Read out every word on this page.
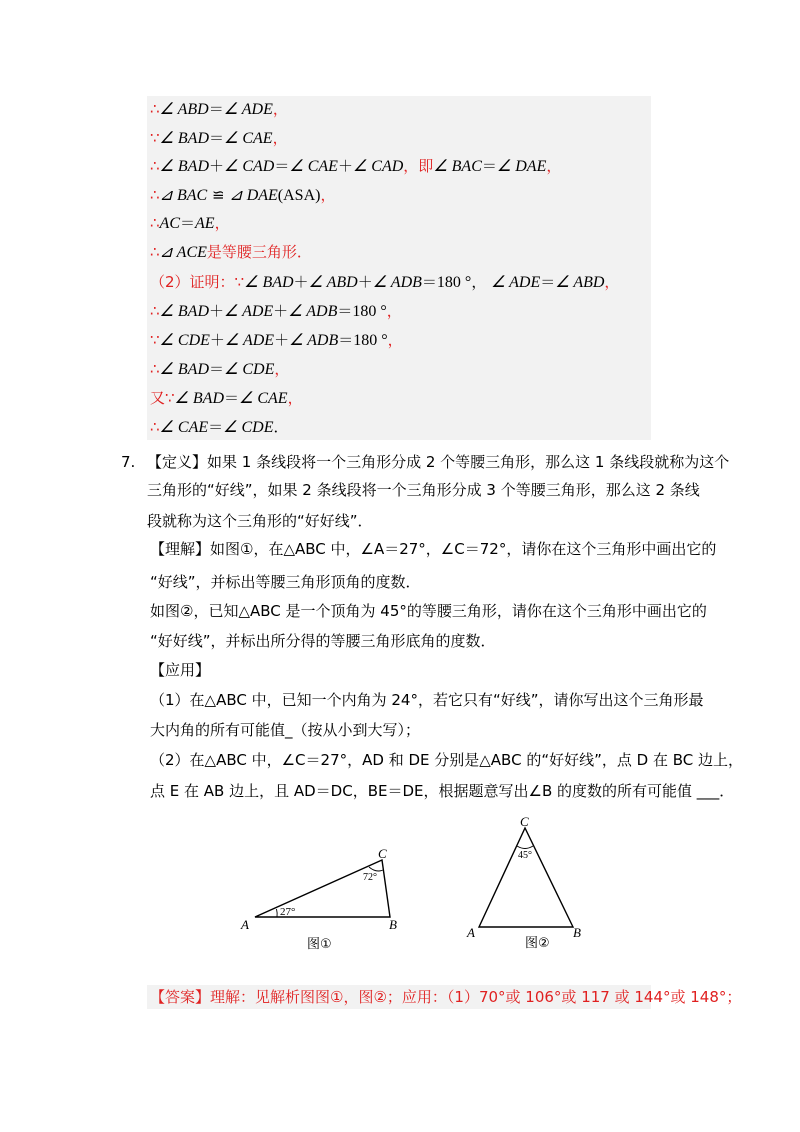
∴∠ ABD＝∠ ADE，
∵∠ BAD＝∠ CAE，
∴∠ BAD＋∠ CAD＝∠ CAE＋∠ CAD，即∠ BAC＝∠ DAE，
∴⊿ BAC ≌ ⊿ DAE(ASA)，
∴AC＝AE，
∴⊿ ACE是等腰三角形．
（2）证明：∵∠ BAD＋∠ ABD＋∠ ADB＝180 °， ∠ ADE＝∠ ABD，
∴∠ BAD＋∠ ADE＋∠ ADB＝180 °，
∵∠ CDE＋∠ ADE＋∠ ADB＝180 °，
∴∠ BAD＝∠ CDE，
又∵∠ BAD＝∠ CAE，
∴∠ CAE＝∠ CDE．
7. 【定义】如果 1 条线段将一个三角形分成 2 个等腰三角形，那么这 1 条线段就称为这个
三角形的“好线”，如果 2 条线段将一个三角形分成 3 个等腰三角形，那么这 2 条线
段就称为这个三角形的“好好线”．
【理解】如图①，在△ABC 中，∠A＝27°，∠C＝72°，请你在这个三角形中画出它的
“好线”，并标出等腰三角形顶角的度数．
如图②，已知△ABC 是一个顶角为 45°的等腰三角形，请你在这个三角形中画出它的
“好好线”，并标出所分得的等腰三角形底角的度数．
【应用】
（1）在△ABC 中，已知一个内角为 24°，若它只有“好线”，请你写出这个三角形最
大内角的所有可能值_（按从小到大写）；
（2）在△ABC 中，∠C＝27°，AD 和 DE 分别是△ABC 的“好好线”，点 D 在 BC 边上，
点 E 在 AB 边上，且 AD＝DC，BE＝DE，根据题意写出∠B 的度数的所有可能值 ___．
A	B
C
27°
72°
图①
C
A	B
45°
图②
【答案】理解：见解析图图①，图②；应用：（1）70°或 106°或 117 或 144°或 148°；
